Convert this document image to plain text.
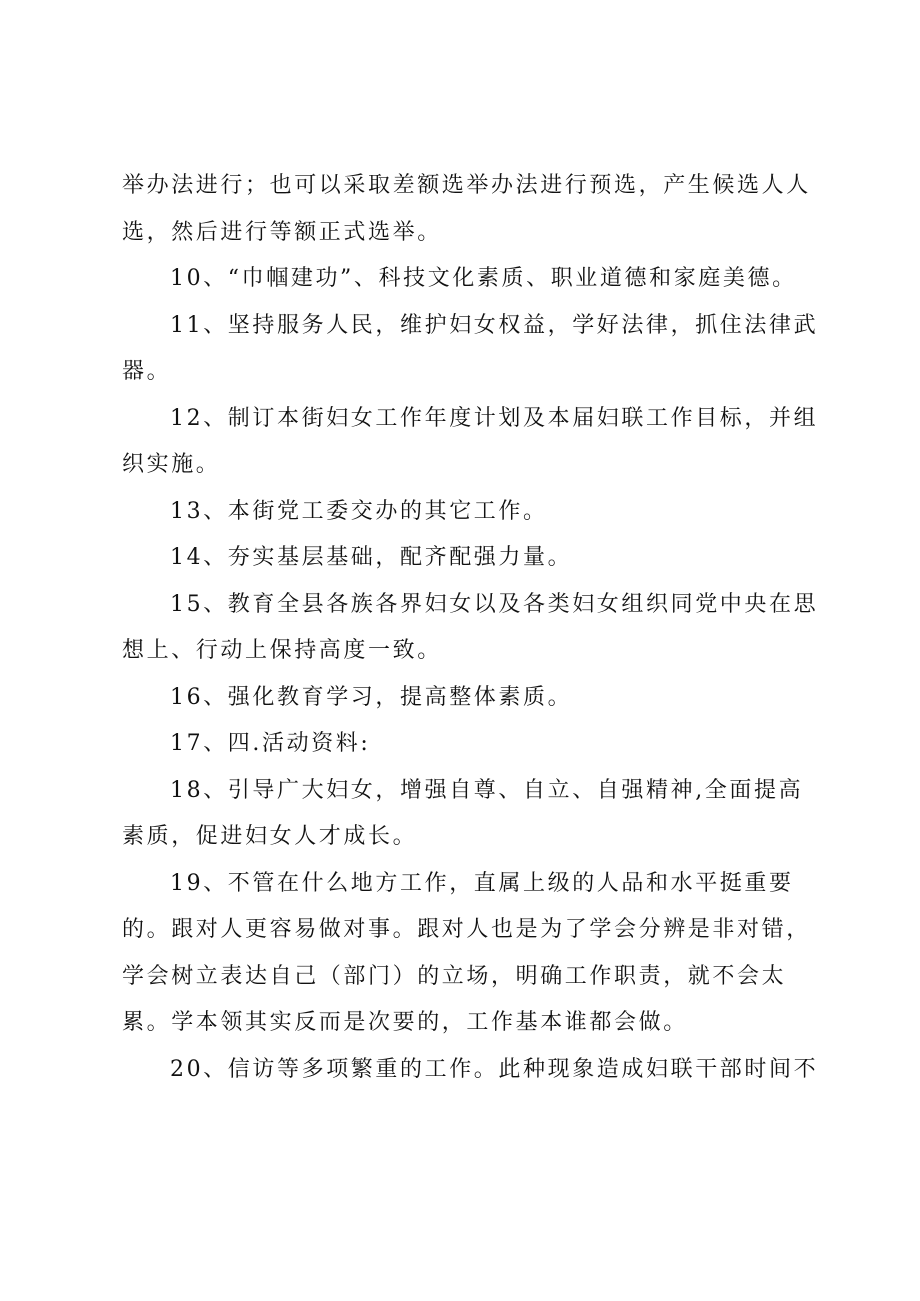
举办法进行；也可以采取差额选举办法进行预选，产生候选人人选，然后进行等额正式选举。

10、“巾帼建功”、科技文化素质、职业道德和家庭美德。

11、坚持服务人民，维护妇女权益，学好法律，抓住法律武器。

12、制订本街妇女工作年度计划及本届妇联工作目标，并组织实施。

13、本街党工委交办的其它工作。

14、夯实基层基础，配齐配强力量。

15、教育全县各族各界妇女以及各类妇女组织同党中央在思想上、行动上保持高度一致。

16、强化教育学习，提高整体素质。

17、四.活动资料:

18、引导广大妇女，增强自尊、自立、自强精神,全面提高素质，促进妇女人才成长。

19、不管在什么地方工作，直属上级的人品和水平挺重要的。跟对人更容易做对事。跟对人也是为了学会分辨是非对错，学会树立表达自己（部门）的立场，明确工作职责，就不会太累。学本领其实反而是次要的，工作基本谁都会做。

20、信访等多项繁重的工作。此种现象造成妇联干部时间不
